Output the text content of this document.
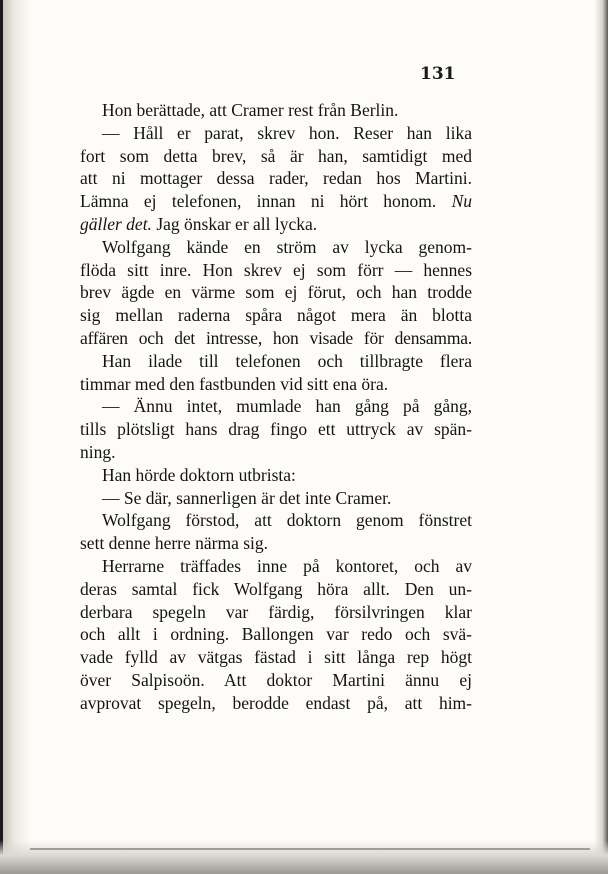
131
Hon berättade, att Cramer rest från Berlin.
— Håll er parat, skrev hon. Reser han lika
fort som detta brev, så är han, samtidigt med
att ni mottager dessa rader, redan hos Martini.
Lämna ej telefonen, innan ni hört honom. Nu
gäller det. Jag önskar er all lycka.
Wolfgang kände en ström av lycka genom-
flöda sitt inre. Hon skrev ej som förr — hennes
brev ägde en värme som ej förut, och han trodde
sig mellan raderna spåra något mera än blotta
affären och det intresse, hon visade för densamma.
Han ilade till telefonen och tillbragte flera
timmar med den fastbunden vid sitt ena öra.
— Ännu intet, mumlade han gång på gång,
tills plötsligt hans drag fingo ett uttryck av spän-
ning.
Han hörde doktorn utbrista:
— Se där, sannerligen är det inte Cramer.
Wolfgang förstod, att doktorn genom fönstret
sett denne herre närma sig.
Herrarne träffades inne på kontoret, och av
deras samtal fick Wolfgang höra allt. Den un-
derbara spegeln var färdig, försilvringen klar
och allt i ordning. Ballongen var redo och svä-
vade fylld av vätgas fästad i sitt långa rep högt
över Salpisoön. Att doktor Martini ännu ej
avprovat spegeln, berodde endast på, att him-
